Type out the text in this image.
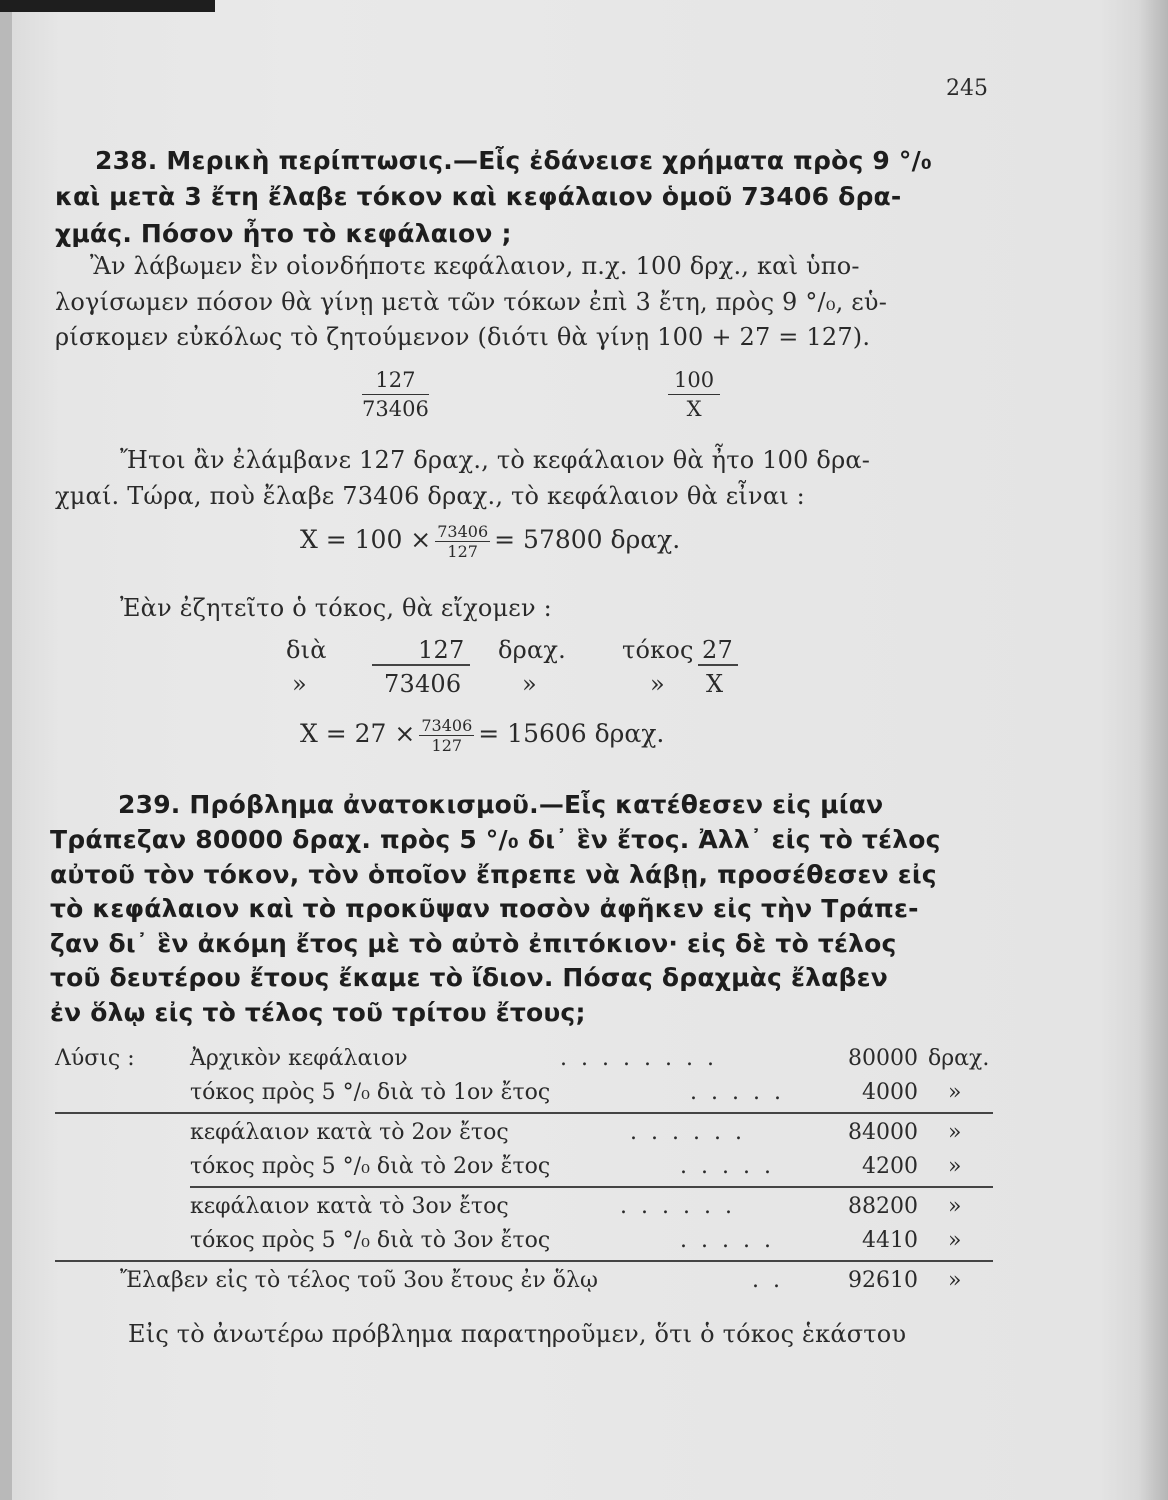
245
238. Μερικὴ περίπτωσις.—Εἷς ἐδάνεισε χρήματα πρὸς 9 °/₀
καὶ μετὰ 3 ἔτη ἔλαβε τόκον καὶ κεφάλαιον ὁμοῦ 73406 δρα-
χμάς. Πόσον ἦτο τὸ κεφάλαιον ;
Ἂν λάβωμεν ἓν οἱονδήποτε κεφάλαιον, π.χ. 100 δρχ., καὶ ὑπο-
λογίσωμεν πόσον θὰ γίνῃ μετὰ τῶν τόκων ἐπὶ 3 ἔτη, πρὸς 9 °/₀, εὑ-
ρίσκομεν εὐκόλως τὸ ζητούμενον (διότι θὰ γίνῃ 100 + 27 = 127).
$\frac{127}{73406}$	$\frac{100}{X}$
Ἤτοι ἂν ἐλάμβανε 127 δραχ., τὸ κεφάλαιον θὰ ἦτο 100 δρα-
χμαί. Τώρα, ποὺ ἔλαβε 73406 δραχ., τὸ κεφάλαιον θὰ εἶναι :
$X = 100 \times \frac{73406}{127} = 57800$ δραχ.
Ἐὰν ἐζητεῖτο ὁ τόκος, θὰ εἴχομεν :
διὰ	127 δραχ. τόκος 27
»	73406	»	» X
$X = 27 \times \frac{73406}{127} = 15606$ δραχ.
239. Πρόβλημα ἀνατοκισμοῦ.—Εἷς κατέθεσεν εἰς μίαν
Τράπεζαν 80000 δραχ. πρὸς 5 °/₀ δι᾽ ἓν ἔτος. Ἀλλ᾽ εἰς τὸ τέλος
αὐτοῦ τὸν τόκον, τὸν ὁποῖον ἔπρεπε νὰ λάβῃ, προσέθεσεν εἰς
τὸ κεφάλαιον καὶ τὸ προκῦψαν ποσὸν ἀφῆκεν εἰς τὴν Τράπε-
ζαν δι᾽ ἓν ἀκόμη ἔτος μὲ τὸ αὐτὸ ἐπιτόκιον· εἰς δὲ τὸ τέλος
τοῦ δευτέρου ἔτους ἔκαμε τὸ ἴδιον. Πόσας δραχμὰς ἔλαβεν
ἐν ὅλῳ εἰς τὸ τέλος τοῦ τρίτου ἔτους;
Λύσις :	Ἀρχικὸν κεφάλαιον	........	80000 δραχ.
τόκος πρὸς 5 °/₀ διὰ τὸ 1ον ἔτος	.....	4000 »
κεφάλαιον κατὰ τὸ 2ον ἔτος	......	84000 »
τόκος πρὸς 5 °/₀ διὰ τὸ 2ον ἔτος	.....	4200 »
κεφάλαιον κατὰ τὸ 3ον ἔτος	......	88200 »
τόκος πρὸς 5 °/₀ διὰ τὸ 3ον ἔτος	.....	4410 »
Ἔλαβεν εἰς τὸ τέλος τοῦ 3ου ἔτους ἐν ὅλῳ	.. 92610 »
Εἰς τὸ ἀνωτέρω πρόβλημα παρατηροῦμεν, ὅτι ὁ τόκος ἑκάστου
